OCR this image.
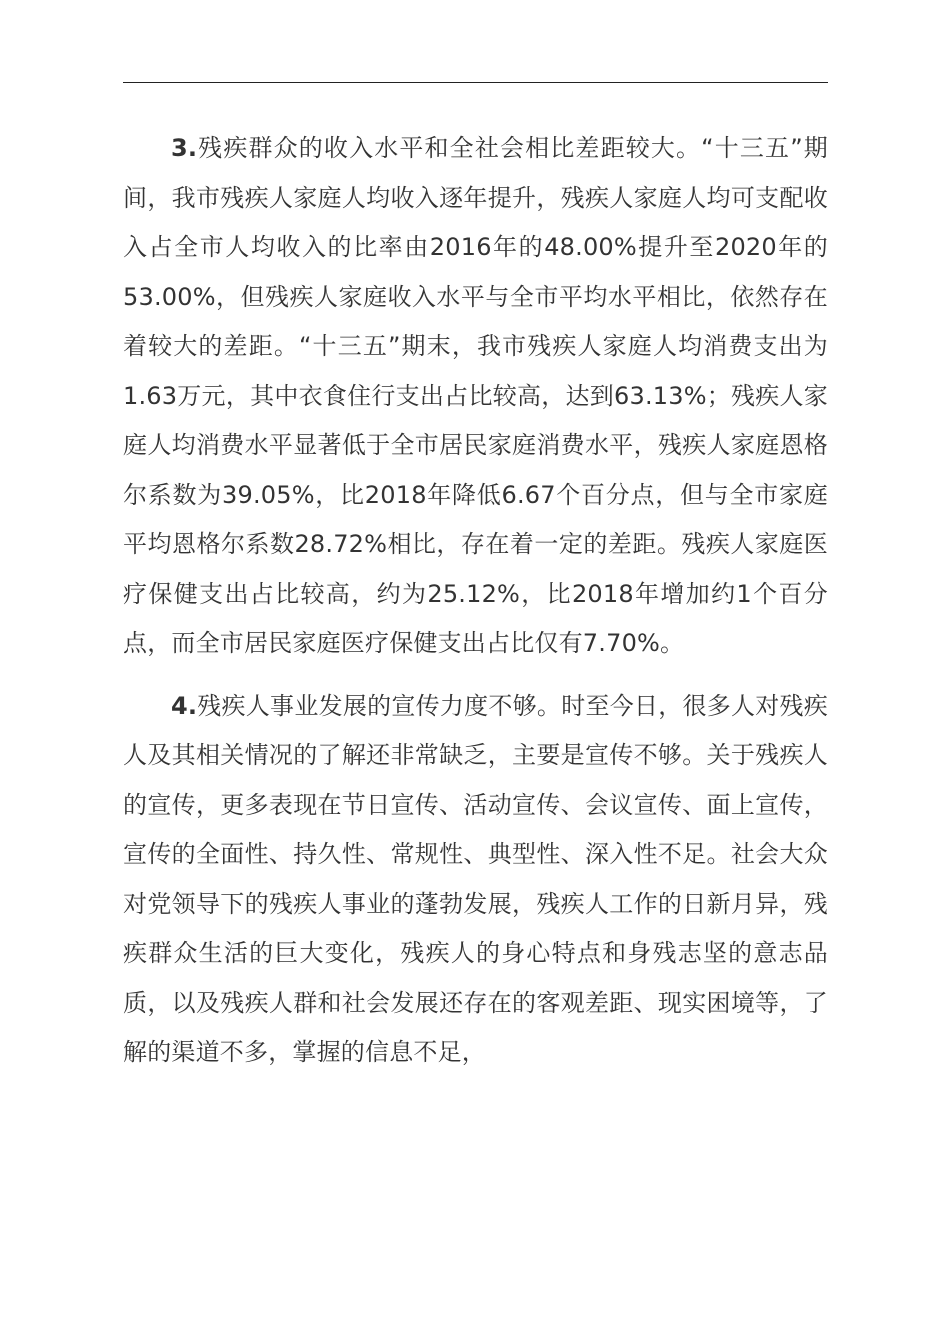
3.残疾群众的收入水平和全社会相比差距较大。“十三五”期间，我市残疾人家庭人均收入逐年提升，残疾人家庭人均可支配收入占全市人均收入的比率由2016年的48.00%提升至2020年的53.00%，但残疾人家庭收入水平与全市平均水平相比，依然存在着较大的差距。“十三五”期末，我市残疾人家庭人均消费支出为1.63万元，其中衣食住行支出占比较高，达到63.13%；残疾人家庭人均消费水平显著低于全市居民家庭消费水平，残疾人家庭恩格尔系数为39.05%，比2018年降低6.67个百分点，但与全市家庭平均恩格尔系数28.72%相比，存在着一定的差距。残疾人家庭医疗保健支出占比较高，约为25.12%，比2018年增加约1个百分点，而全市居民家庭医疗保健支出占比仅有7.70%。

4.残疾人事业发展的宣传力度不够。时至今日，很多人对残疾人及其相关情况的了解还非常缺乏，主要是宣传不够。关于残疾人的宣传，更多表现在节日宣传、活动宣传、会议宣传、面上宣传，宣传的全面性、持久性、常规性、典型性、深入性不足。社会大众对党领导下的残疾人事业的蓬勃发展，残疾人工作的日新月异，残疾群众生活的巨大变化，残疾人的身心特点和身残志坚的意志品质，以及残疾人群和社会发展还存在的客观差距、现实困境等，了解的渠道不多，掌握的信息不足，
